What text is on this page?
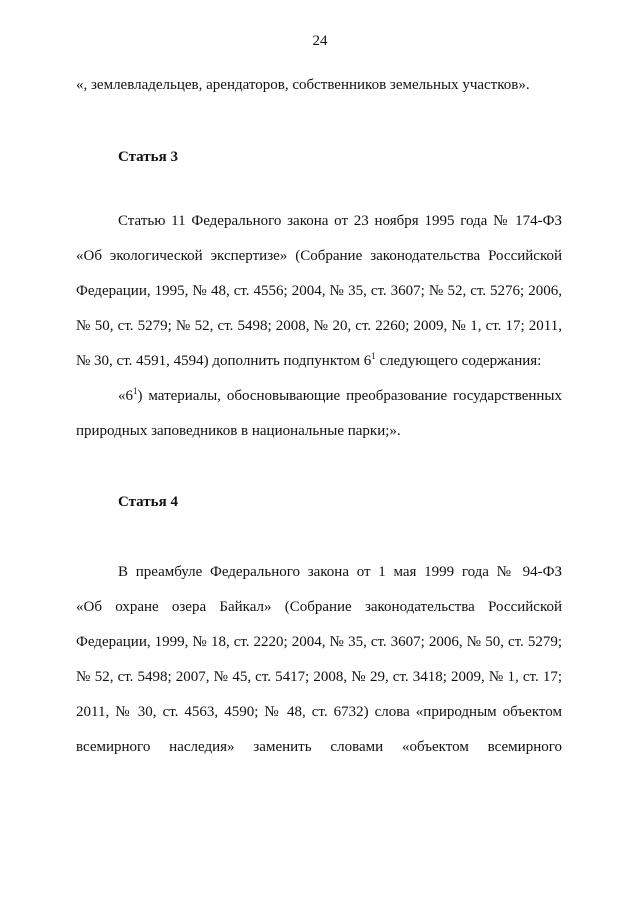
24
«, землевладельцев, арендаторов, собственников земельных участков».
Статья 3
Статью 11 Федерального закона от 23 ноября 1995 года № 174-ФЗ
«Об экологической экспертизе» (Собрание законодательства Российской
Федерации, 1995, № 48, ст. 4556; 2004, № 35, ст. 3607; № 52, ст. 5276; 2006,
№ 50, ст. 5279; № 52, ст. 5498; 2008, № 20, ст. 2260; 2009, № 1, ст. 17; 2011,
№ 30, ст. 4591, 4594) дополнить подпунктом $6^1$ следующего содержания:
«$6^1$) материалы, обосновывающие преобразование государственных
природных заповедников в национальные парки;».
Статья 4
В преамбуле Федерального закона от 1 мая 1999 года № 94-ФЗ
«Об охране озера Байкал» (Собрание законодательства Российской
Федерации, 1999, № 18, ст. 2220; 2004, № 35, ст. 3607; 2006, № 50, ст. 5279;
№ 52, ст. 5498; 2007, № 45, ст. 5417; 2008, № 29, ст. 3418; 2009, № 1, ст. 17;
2011, № 30, ст. 4563, 4590; № 48, ст. 6732) слова «природным объектом
всемирного наследия» заменить словами «объектом всемирного
